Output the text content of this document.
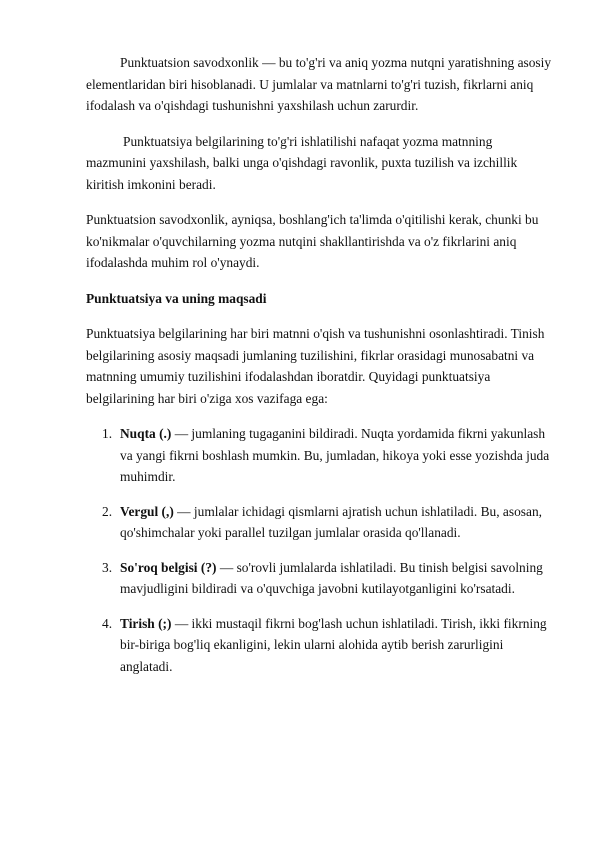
Punktuatsion savodxonlik — bu to'g'ri va aniq yozma nutqni yaratishning asosiy elementlaridan biri hisoblanadi. U jumlalar va matnlarni to'g'ri tuzish, fikrlarni aniq ifodalash va o'qishdagi tushunishni yaxshilash uchun zarurdir.

Punktuatsiya belgilarining to'g'ri ishlatilishi nafaqat yozma matnning mazmunini yaxshilash, balki unga o'qishdagi ravonlik, puxta tuzilish va izchillik kiritish imkonini beradi.

Punktuatsion savodxonlik, ayniqsa, boshlang'ich ta'limda o'qitilishi kerak, chunki bu ko'nikmalar o'quvchilarning yozma nutqini shakllantirishda va o'z fikrlarini aniq ifodalashda muhim rol o'ynaydi.

Punktuatsiya va uning maqsadi

Punktuatsiya belgilarining har biri matnni o'qish va tushunishni osonlashtiradi. Tinish belgilarining asosiy maqsadi jumlaning tuzilishini, fikrlar orasidagi munosabatni va matnning umumiy tuzilishini ifodalashdan iboratdir. Quyidagi punktuatsiya belgilarining har biri o'ziga xos vazifaga ega:

1. Nuqta (.) — jumlaning tugaganini bildiradi. Nuqta yordamida fikrni yakunlash va yangi fikrni boshlash mumkin. Bu, jumladan, hikoya yoki esse yozishda juda muhimdir.
2. Vergul (,) — jumlalar ichidagi qismlarni ajratish uchun ishlatiladi. Bu, asosan, qo'shimchalar yoki parallel tuzilgan jumlalar orasida qo'llanadi.
3. So'roq belgisi (?) — so'rovli jumlalarda ishlatiladi. Bu tinish belgisi savolning mavjudligini bildiradi va o'quvchiga javobni kutilayotganligini ko'rsatadi.
4. Tirish (;) — ikki mustaqil fikrni bog'lash uchun ishlatiladi. Tirish, ikki fikrning bir-biriga bog'liq ekanligini, lekin ularni alohida aytib berish zarurligini anglatadi.
